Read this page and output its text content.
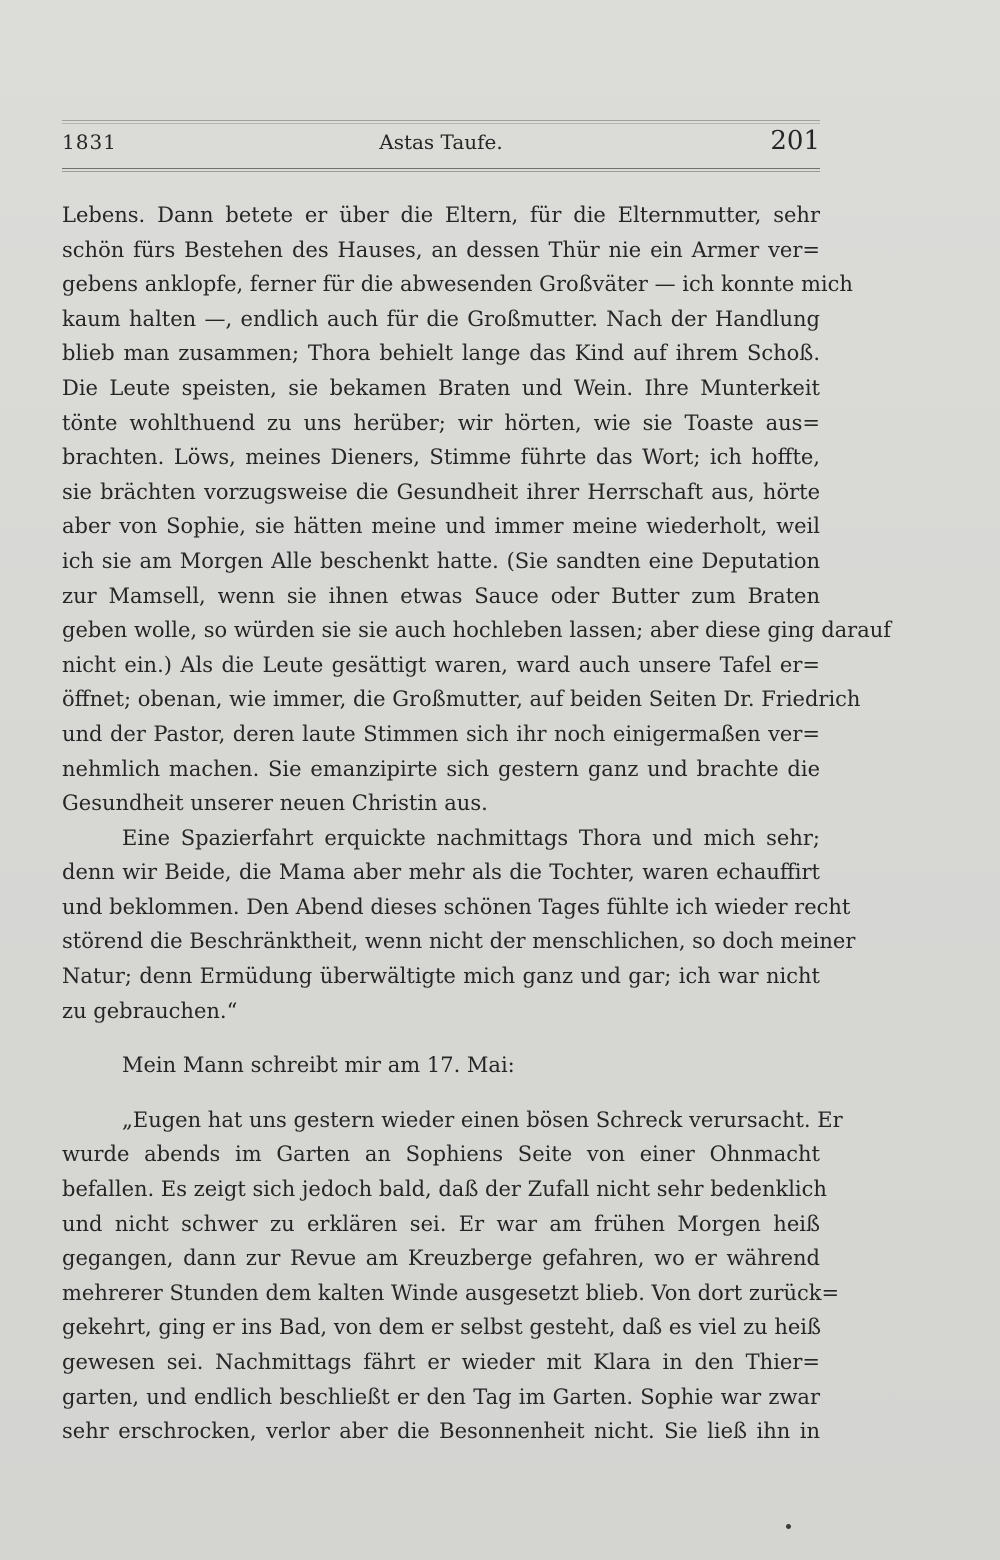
1831	Astas Taufe.	201
Lebens. Dann betete er über die Eltern, für die Elternmutter, sehr
schön fürs Bestehen des Hauses, an dessen Thür nie ein Armer ver=
gebens anklopfe, ferner für die abwesenden Großväter — ich konnte mich
kaum halten —, endlich auch für die Großmutter. Nach der Handlung
blieb man zusammen; Thora behielt lange das Kind auf ihrem Schoß.
Die Leute speisten, sie bekamen Braten und Wein. Ihre Munterkeit
tönte wohlthuend zu uns herüber; wir hörten, wie sie Toaste aus=
brachten. Löws, meines Dieners, Stimme führte das Wort; ich hoffte,
sie brächten vorzugsweise die Gesundheit ihrer Herrschaft aus, hörte
aber von Sophie, sie hätten meine und immer meine wiederholt, weil
ich sie am Morgen Alle beschenkt hatte. (Sie sandten eine Deputation
zur Mamsell, wenn sie ihnen etwas Sauce oder Butter zum Braten
geben wolle, so würden sie sie auch hochleben lassen; aber diese ging darauf
nicht ein.) Als die Leute gesättigt waren, ward auch unsere Tafel er=
öffnet; obenan, wie immer, die Großmutter, auf beiden Seiten Dr. Friedrich
und der Pastor, deren laute Stimmen sich ihr noch einigermaßen ver=
nehmlich machen. Sie emanzipirte sich gestern ganz und brachte die
Gesundheit unserer neuen Christin aus.
Eine Spazierfahrt erquickte nachmittags Thora und mich sehr;
denn wir Beide, die Mama aber mehr als die Tochter, waren echauffirt
und beklommen. Den Abend dieses schönen Tages fühlte ich wieder recht
störend die Beschränktheit, wenn nicht der menschlichen, so doch meiner
Natur; denn Ermüdung überwältigte mich ganz und gar; ich war nicht
zu gebrauchen.“
Mein Mann schreibt mir am 17. Mai:
„Eugen hat uns gestern wieder einen bösen Schreck verursacht. Er
wurde abends im Garten an Sophiens Seite von einer Ohnmacht
befallen. Es zeigt sich jedoch bald, daß der Zufall nicht sehr bedenklich
und nicht schwer zu erklären sei. Er war am frühen Morgen heiß
gegangen, dann zur Revue am Kreuzberge gefahren, wo er während
mehrerer Stunden dem kalten Winde ausgesetzt blieb. Von dort zurück=
gekehrt, ging er ins Bad, von dem er selbst gesteht, daß es viel zu heiß
gewesen sei. Nachmittags fährt er wieder mit Klara in den Thier=
garten, und endlich beschließt er den Tag im Garten. Sophie war zwar
sehr erschrocken, verlor aber die Besonnenheit nicht. Sie ließ ihn in
